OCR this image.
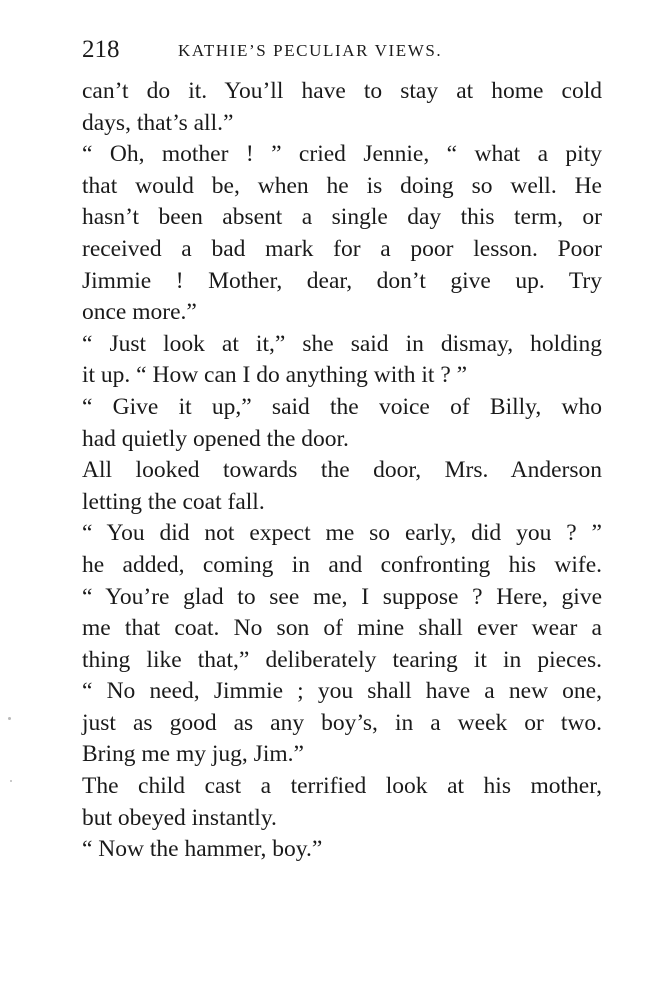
218	KATHIE’S PECULIAR VIEWS.
can’t do it. You’ll have to stay at home cold
days, that’s all.”
“ Oh, mother ! ” cried Jennie, “ what a pity
that would be, when he is doing so well. He
hasn’t been absent a single day this term, or
received a bad mark for a poor lesson. Poor
Jimmie ! Mother, dear, don’t give up. Try
once more.”
“ Just look at it,” she said in dismay, holding
it up. “ How can I do anything with it ? ”
“ Give it up,” said the voice of Billy, who
had quietly opened the door.
All looked towards the door, Mrs. Anderson
letting the coat fall.
“ You did not expect me so early, did you ? ”
he added, coming in and confronting his wife.
“ You’re glad to see me, I suppose ? Here, give
me that coat. No son of mine shall ever wear a
thing like that,” deliberately tearing it in pieces.
“ No need, Jimmie ; you shall have a new one,
just as good as any boy’s, in a week or two.
Bring me my jug, Jim.”
The child cast a terrified look at his mother,
but obeyed instantly.
“ Now the hammer, boy.”
